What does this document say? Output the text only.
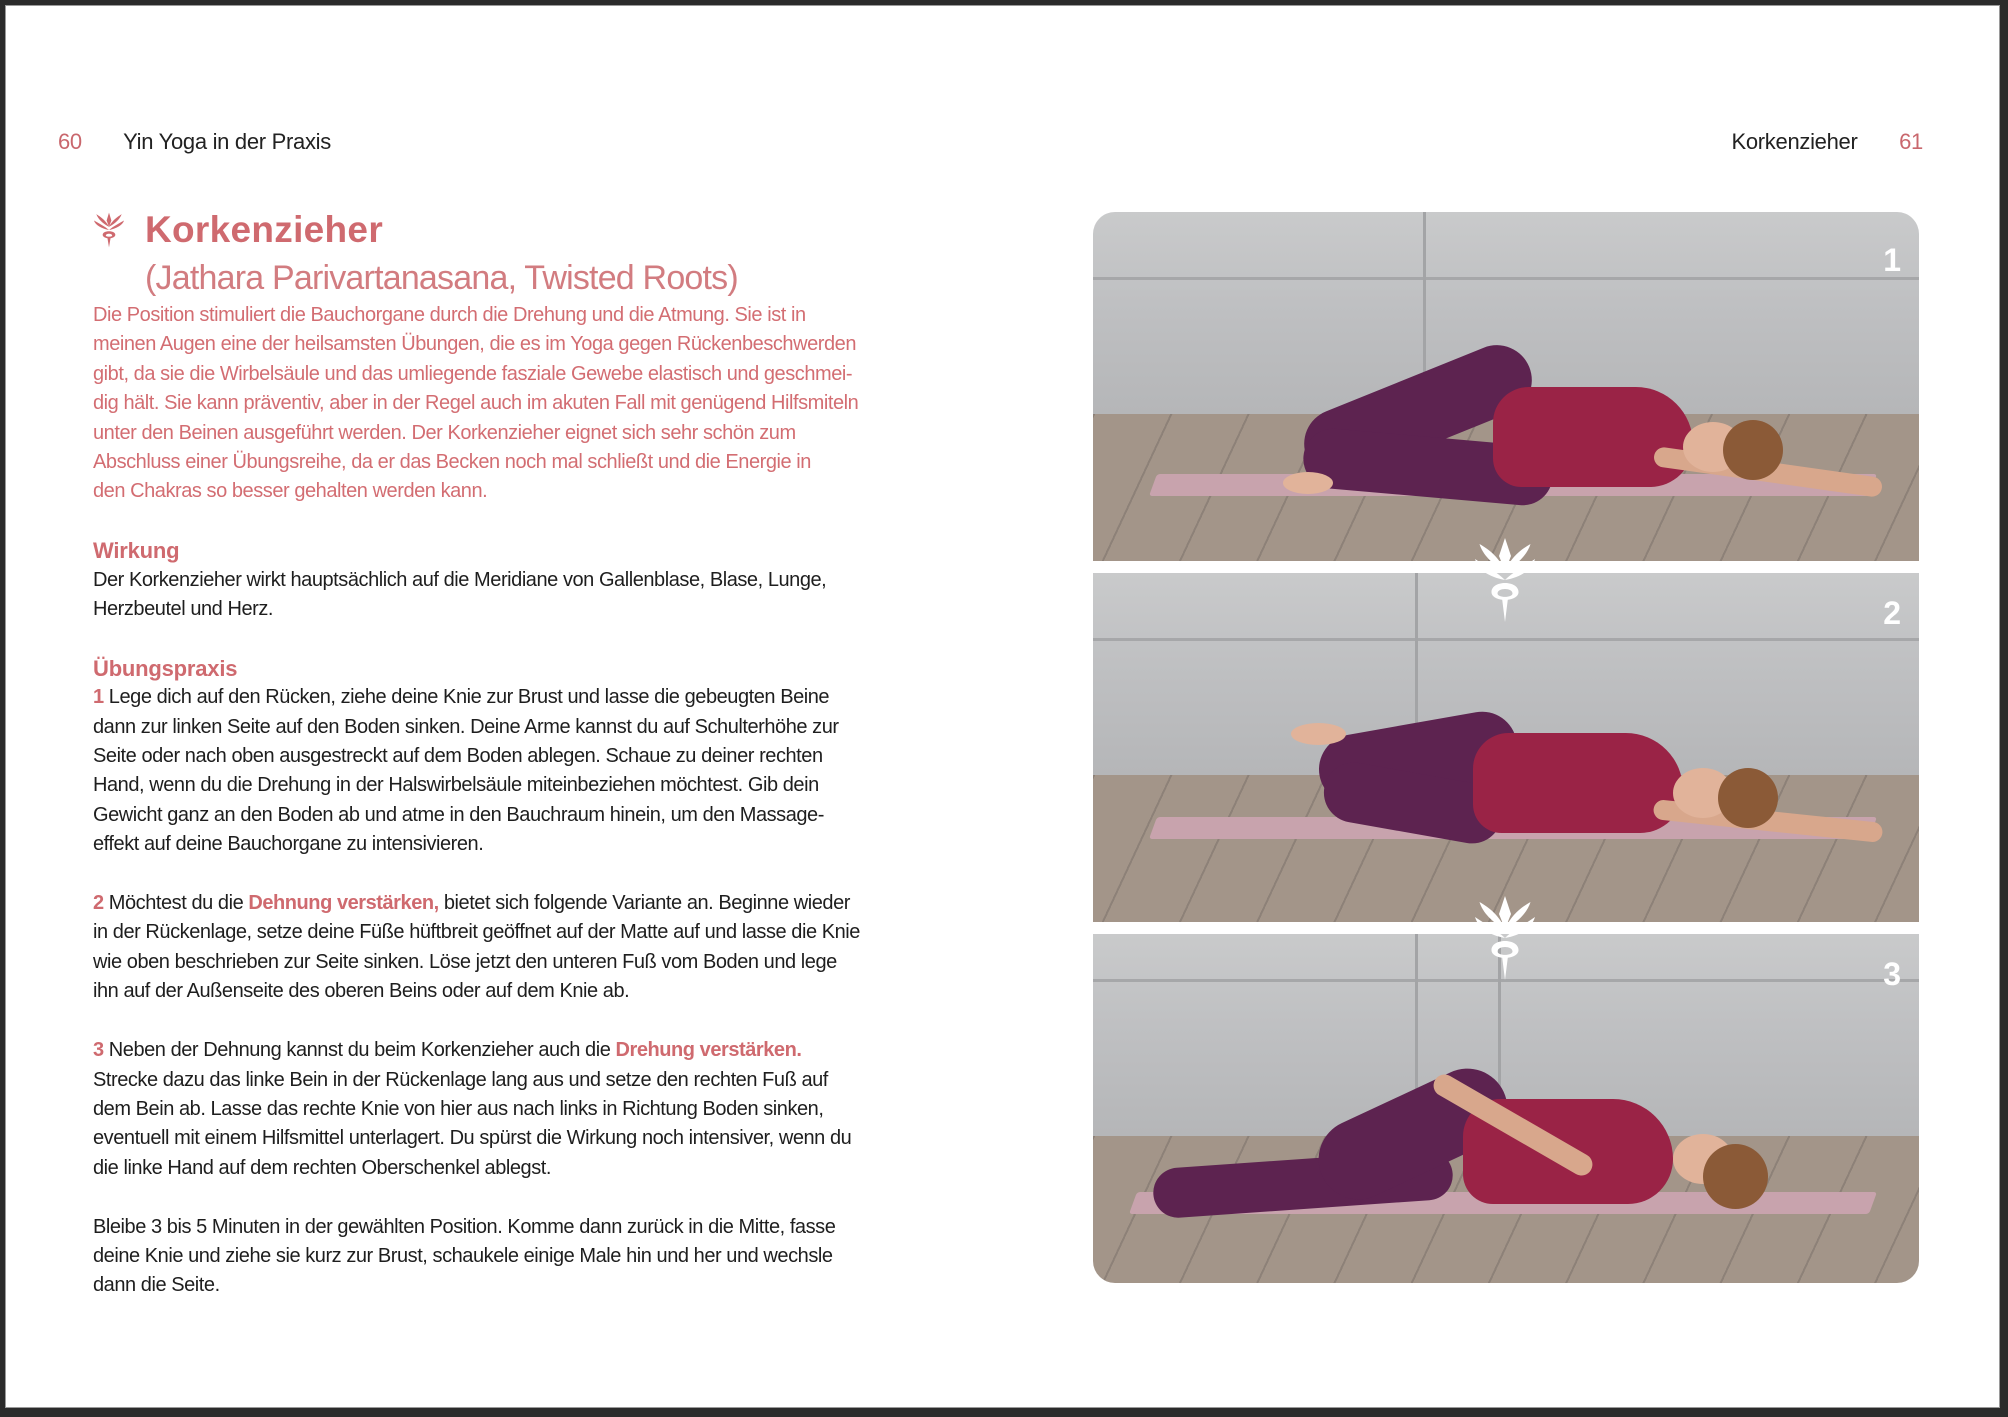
60 Yin Yoga in der Praxis	Korkenzieher 61
Korkenzieher
(Jathara Parivartanasana, Twisted Roots)

Die Position stimuliert die Bauchorgane durch die Drehung und die Atmung. Sie ist in

meinen Augen eine der heilsamsten Übungen, die es im Yoga gegen Rückenbeschwerden

gibt, da sie die Wirbelsäule und das umliegende fasziale Gewebe elastisch und geschmei-

dig hält. Sie kann präventiv, aber in der Regel auch im akuten Fall mit genügend Hilfsmiteln

unter den Beinen ausgeführt werden. Der Korkenzieher eignet sich sehr schön zum

Abschluss einer Übungsreihe, da er das Becken noch mal schließt und die Energie in

den Chakras so besser gehalten werden kann.

Wirkung

Der Korkenzieher wirkt hauptsächlich auf die Meridiane von Gallenblase, Blase, Lunge,

Herzbeutel und Herz.

Übungspraxis

1 Lege dich auf den Rücken, ziehe deine Knie zur Brust und lasse die gebeugten Beine

dann zur linken Seite auf den Boden sinken. Deine Arme kannst du auf Schulterhöhe zur

Seite oder nach oben ausgestreckt auf dem Boden ablegen. Schaue zu deiner rechten

Hand, wenn du die Drehung in der Halswirbelsäule miteinbeziehen möchtest. Gib dein

Gewicht ganz an den Boden ab und atme in den Bauchraum hinein, um den Massage-

effekt auf deine Bauchorgane zu intensivieren.

2 Möchtest du die Dehnung verstärken, bietet sich folgende Variante an. Beginne wieder

in der Rückenlage, setze deine Füße hüftbreit geöffnet auf der Matte auf und lasse die Knie

wie oben beschrieben zur Seite sinken. Löse jetzt den unteren Fuß vom Boden und lege

ihn auf der Außenseite des oberen Beins oder auf dem Knie ab.

3 Neben der Dehnung kannst du beim Korkenzieher auch die Drehung verstärken.

Strecke dazu das linke Bein in der Rückenlage lang aus und setze den rechten Fuß auf

dem Bein ab. Lasse das rechte Knie von hier aus nach links in Richtung Boden sinken,

eventuell mit einem Hilfsmittel unterlagert. Du spürst die Wirkung noch intensiver, wenn du

die linke Hand auf dem rechten Oberschenkel ablegst.

Bleibe 3 bis 5 Minuten in der gewählten Position. Komme dann zurück in die Mitte, fasse

deine Knie und ziehe sie kurz zur Brust, schaukele einige Male hin und her und wechsle

dann die Seite.

1
2
3
